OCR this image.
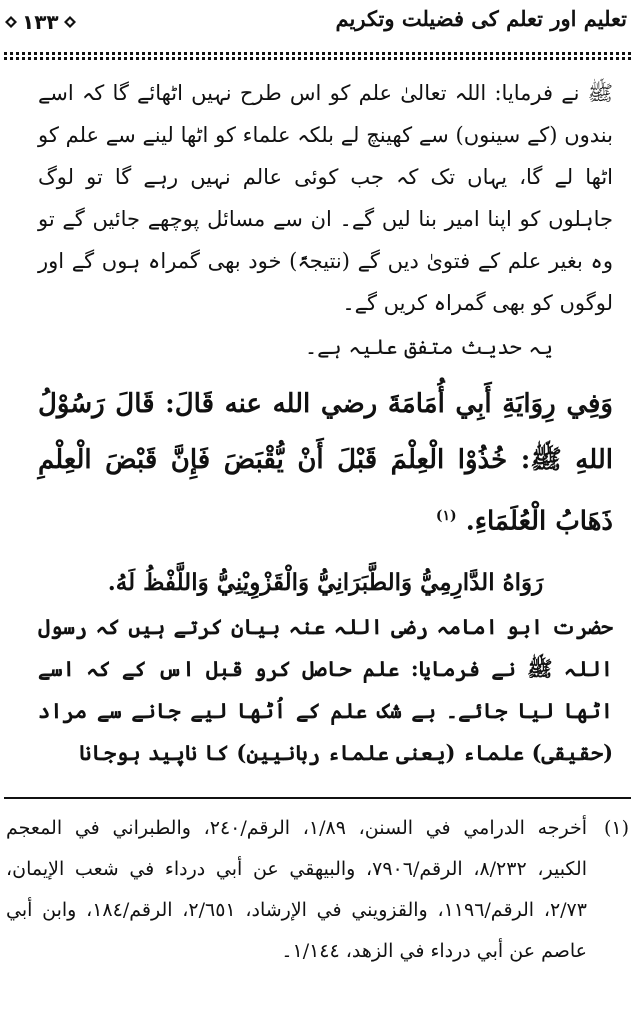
تعلیم اور تعلم کی فضیلت وتکریم
١٣٣

ﷺ نے فرمایا: اللہ تعالیٰ علم کو اس طرح نہیں اٹھائے گا کہ اسے بندوں (کے سینوں) سے کھینچ لے بلکہ علماء کو اٹھا لینے سے علم کو اٹھا لے گا، یہاں تک کہ جب کوئی عالم نہیں رہے گا تو لوگ جاہلوں کو اپنا امیر بنا لیں گے۔ ان سے مسائل پوچھے جائیں گے تو وہ بغیر علم کے فتویٰ دیں گے (نتیجۃً) خود بھی گمراہ ہوں گے اور لوگوں کو بھی گمراہ کریں گے۔

یہ حدیث متفق علیہ ہے۔

وَفِي رِوَايَةِ أَبِي أُمَامَةَ رضي الله عنه قَالَ: قَالَ رَسُوْلُ اللهِ ﷺ: خُذُوْا الْعِلْمَ قَبْلَ أَنْ يُّقْبَضَ فَإِنَّ قَبْضَ الْعِلْمِ ذَهَابُ الْعُلَمَاءِ. $^{(١)}$

رَوَاهُ الدَّارِمِيُّ وَالطَّبَرَانِيُّ وَالْقَزْوِيْنِيُّ وَاللَّفْظُ لَهُ.

حضرت ابو امامہ رضی اللہ عنہ بیان کرتے ہیں کہ رسول اللہ ﷺ نے فرمایا: علم حاصل کرو قبل اس کے کہ اسے اٹھا لیا جائے۔ بے شک علم کے اُٹھا لیے جانے سے مراد (حقیقی) علماء (یعنی علماء ربانیین) کا ناپید ہوجانا

(١)
أخرجه الدرامي في السنن، ١/٨٩، الرقم/٢٤٠، والطبراني في المعجم الكبير، ٨/٢٣٢، الرقم/٧٩٠٦، والبيهقي عن أبي درداء في شعب الإيمان، ٢/٧٣، الرقم/١١٩٦، والقزويني في الإرشاد، ٢/٦٥١، الرقم/١٨٤، وابن أبي عاصم عن أبي درداء في الزهد، ١/١٤٤۔
